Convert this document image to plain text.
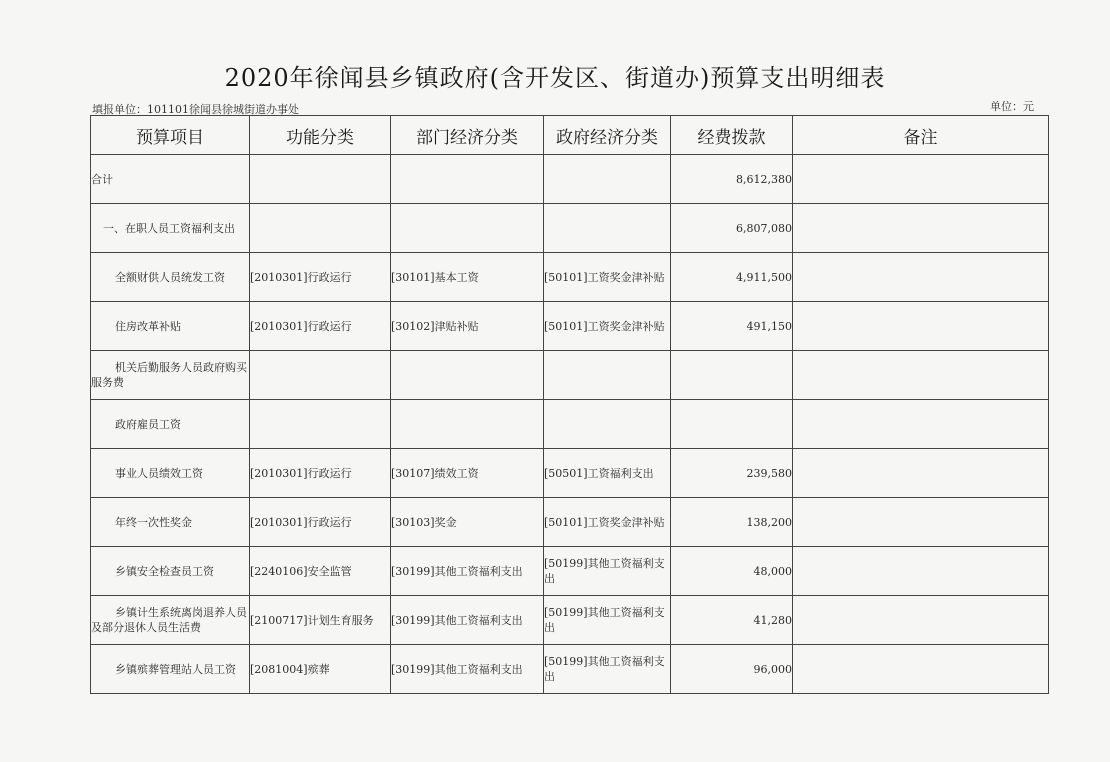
2020年徐闻县乡镇政府(含开发区、街道办)预算支出明细表
填报单位：101101徐闻县徐城街道办事处	单位：元
预算项目	功能分类	部门经济分类	政府经济分类	经费拨款	备注
合计				8,612,380	
一、在职人员工资福利支出				6,807,080	
全额财供人员统发工资	[2010301]行政运行	[30101]基本工资	[50101]工资奖金津补贴	4,911,500	
住房改革补贴	[2010301]行政运行	[30102]津贴补贴	[50101]工资奖金津补贴	491,150	

机关后勤服务人员政府购买服务费					

政府雇员工资					
事业人员绩效工资	[2010301]行政运行	[30107]绩效工资	[50501]工资福利支出	239,580	
年终一次性奖金	[2010301]行政运行	[30103]奖金	[50101]工资奖金津补贴	138,200	
乡镇安全检查员工资	[2240106]安全监管	[30199]其他工资福利支出	[50199]其他工资福利支出	48,000	

乡镇计生系统离岗退养人员及部分退休人员生活费	[2100717]计划生育服务	[30199]其他工资福利支出	[50199]其他工资福利支出	41,280	
乡镇殡葬管理站人员工资	[2081004]殡葬	[30199]其他工资福利支出	[50199]其他工资福利支出	96,000	
